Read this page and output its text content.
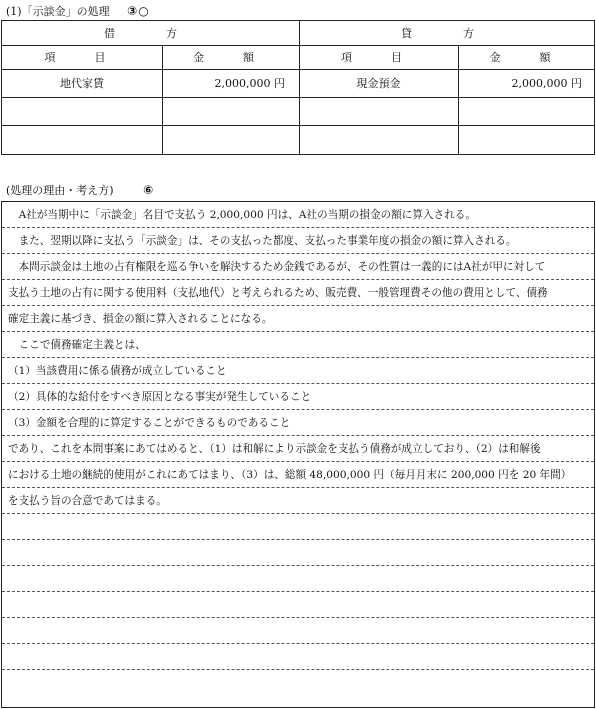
(1)「示談金」の処理 ③○
借　方	貸　方
項　目	金　額	項　目	金　額
地代家賃	2,000,000 円	現金預金	2,000,000 円
(処理の理由・考え方) ⑥
　A社が当期中に「示談金」名目で支払う 2,000,000 円は、A社の当期の損金の額に算入される。
　また、翌期以降に支払う「示談金」は、その支払った都度、支払った事業年度の損金の額に算入される。
　本問示談金は土地の占有権限を巡る争いを解決するため金銭であるが、その性質は一義的にはA社が甲に対して
支払う土地の占有に関する使用料（支払地代）と考えられるため、販売費、一般管理費その他の費用として、債務
確定主義に基づき、損金の額に算入されることになる。
　ここで債務確定主義とは、
（1）当該費用に係る債務が成立していること
（2）具体的な給付をすべき原因となる事実が発生していること
（3）金額を合理的に算定することができるものであること
であり、これを本問事案にあてはめると、（1）は和解により示談金を支払う債務が成立しており、（2）は和解後
における土地の継続的使用がこれにあてはまり、（3）は、総額 48,000,000 円（毎月月末に 200,000 円を 20 年間）
を支払う旨の合意であてはまる。
